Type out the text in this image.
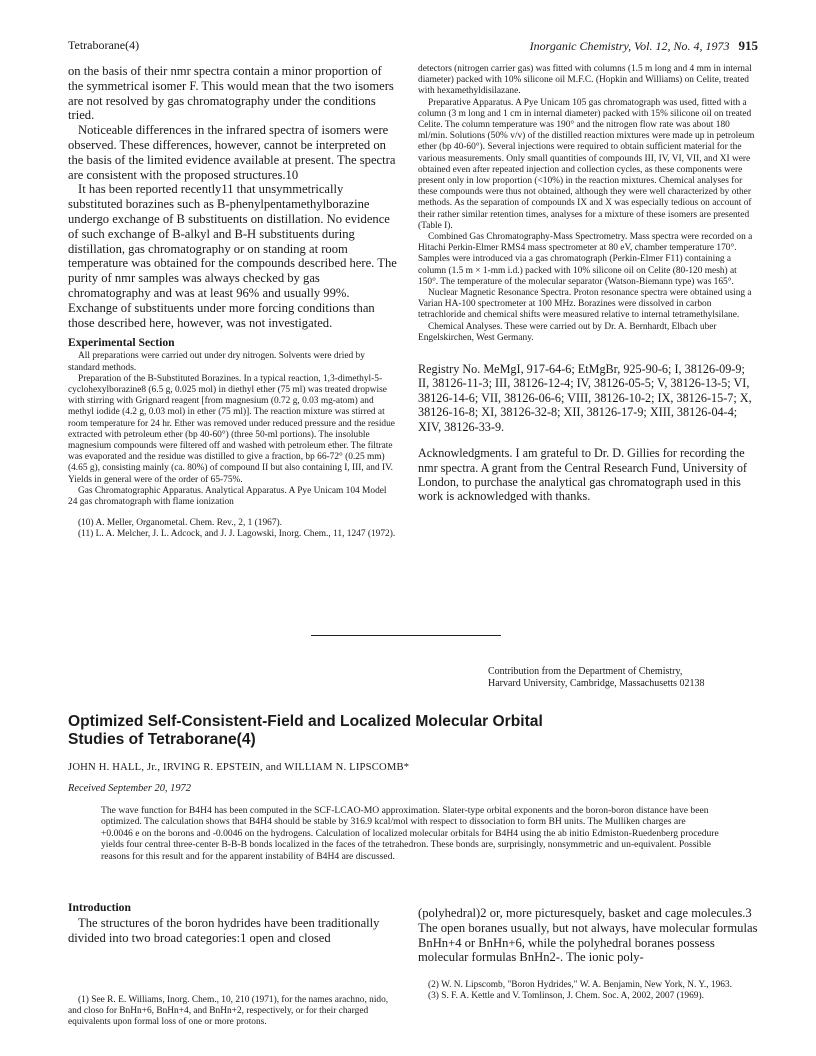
Tetraborane(4)	Inorganic Chemistry, Vol. 12, No. 4, 1973 915

on the basis of their nmr spectra contain a minor proportion of the symmetrical isomer F. This would mean that the two isomers are not resolved by gas chromatography under the conditions tried.

Noticeable differences in the infrared spectra of isomers were observed. These differences, however, cannot be interpreted on the basis of the limited evidence available at present. The spectra are consistent with the proposed structures.10

It has been reported recently11 that unsymmetrically substituted borazines such as B-phenylpentamethylborazine undergo exchange of B substituents on distillation. No evidence of such exchange of B-alkyl and B-H substituents during distillation, gas chromatography or on standing at room temperature was obtained for the compounds described here. The purity of nmr samples was always checked by gas chromatography and was at least 96% and usually 99%. Exchange of substituents under more forcing conditions than those described here, however, was not investigated.

Experimental Section

All preparations were carried out under dry nitrogen. Solvents were dried by standard methods.

Preparation of the B-Substituted Borazines. In a typical reaction, 1,3-dimethyl-5-cyclohexylborazine8 (6.5 g, 0.025 mol) in diethyl ether (75 ml) was treated dropwise with stirring with Grignard reagent [from magnesium (0.72 g, 0.03 mg-atom) and methyl iodide (4.2 g, 0.03 mol) in ether (75 ml)]. The reaction mixture was stirred at room temperature for 24 hr. Ether was removed under reduced pressure and the residue extracted with petroleum ether (bp 40-60°) (three 50-ml portions). The insoluble magnesium compounds were filtered off and washed with petroleum ether. The filtrate was evaporated and the residue was distilled to give a fraction, bp 66-72° (0.25 mm) (4.65 g), consisting mainly (ca. 80%) of compound II but also containing I, III, and IV. Yields in general were of the order of 65-75%.

Gas Chromatographic Apparatus. Analytical Apparatus. A Pye Unicam 104 Model 24 gas chromatograph with flame ionization

(10) A. Meller, Organometal. Chem. Rev., 2, 1 (1967).

(11) L. A. Melcher, J. L. Adcock, and J. J. Lagowski, Inorg. Chem., 11, 1247 (1972).

detectors (nitrogen carrier gas) was fitted with columns (1.5 m long and 4 mm in internal diameter) packed with 10% silicone oil M.F.C. (Hopkin and Williams) on Celite, treated with hexamethyldisilazane.

Preparative Apparatus. A Pye Unicam 105 gas chromatograph was used, fitted with a column (3 m long and 1 cm in internal diameter) packed with 15% silicone oil on treated Celite. The column temperature was 190° and the nitrogen flow rate was about 180 ml/min. Solutions (50% v/v) of the distilled reaction mixtures were made up in petroleum ether (bp 40-60°). Several injections were required to obtain sufficient material for the various measurements. Only small quantities of compounds III, IV, VI, VII, and XI were obtained even after repeated injection and collection cycles, as these components were present only in low proportion (<10%) in the reaction mixtures. Chemical analyses for these compounds were thus not obtained, although they were well characterized by other methods. As the separation of compounds IX and X was especially tedious on account of their rather similar retention times, analyses for a mixture of these isomers are presented (Table I).

Combined Gas Chromatography-Mass Spectrometry. Mass spectra were recorded on a Hitachi Perkin-Elmer RMS4 mass spectrometer at 80 eV, chamber temperature 170°. Samples were introduced via a gas chromatograph (Perkin-Elmer F11) containing a column (1.5 m × 1-mm i.d.) packed with 10% silicone oil on Celite (80-120 mesh) at 150°. The temperature of the molecular separator (Watson-Biemann type) was 165°.

Nuclear Magnetic Resonance Spectra. Proton resonance spectra were obtained using a Varian HA-100 spectrometer at 100 MHz. Borazines were dissolved in carbon tetrachloride and chemical shifts were measured relative to internal tetramethylsilane.

Chemical Analyses. These were carried out by Dr. A. Bernhardt, Elbach uber Engelskirchen, West Germany.

Registry No. MeMgI, 917-64-6; EtMgBr, 925-90-6; I, 38126-09-9; II, 38126-11-3; III, 38126-12-4; IV, 38126-05-5; V, 38126-13-5; VI, 38126-14-6; VII, 38126-06-6; VIII, 38126-10-2; IX, 38126-15-7; X, 38126-16-8; XI, 38126-32-8; XII, 38126-17-9; XIII, 38126-04-4; XIV, 38126-33-9.

Acknowledgments. I am grateful to Dr. D. Gillies for recording the nmr spectra. A grant from the Central Research Fund, University of London, to purchase the analytical gas chromatograph used in this work is acknowledged with thanks.

Contribution from the Department of Chemistry,
Harvard University, Cambridge, Massachusetts 02138
Optimized Self-Consistent-Field and Localized Molecular Orbital Studies of Tetraborane(4)
JOHN H. HALL, Jr., IRVING R. EPSTEIN, and WILLIAM N. LIPSCOMB*
Received September 20, 1972
The wave function for B4H4 has been computed in the SCF-LCAO-MO approximation. Slater-type orbital exponents and the boron-boron distance have been optimized. The calculation shows that B4H4 should be stable by 316.9 kcal/mol with respect to dissociation to form BH units. The Mulliken charges are +0.0046 e on the borons and -0.0046 on the hydrogens. Calculation of localized molecular orbitals for B4H4 using the ab initio Edmiston-Ruedenberg procedure yields four central three-center B-B-B bonds localized in the faces of the tetrahedron. These bonds are, surprisingly, nonsymmetric and un-equivalent. Possible reasons for this result and for the apparent instability of B4H4 are discussed.
Introduction

The structures of the boron hydrides have been traditionally divided into two broad categories:1 open and closed

(polyhedral)2 or, more picturesquely, basket and cage molecules.3 The open boranes usually, but not always, have molecular formulas BnHn+4 or BnHn+6, while the polyhedral boranes possess molecular formulas BnHn2-. The ionic poly-

(1) See R. E. Williams, Inorg. Chem., 10, 210 (1971), for the names arachno, nido, and closo for BnHn+6, BnHn+4, and BnHn+2, respectively, or for their charged equivalents upon formal loss of one or more protons.

(2) W. N. Lipscomb, "Boron Hydrides," W. A. Benjamin, New York, N. Y., 1963.

(3) S. F. A. Kettle and V. Tomlinson, J. Chem. Soc. A, 2002, 2007 (1969).
